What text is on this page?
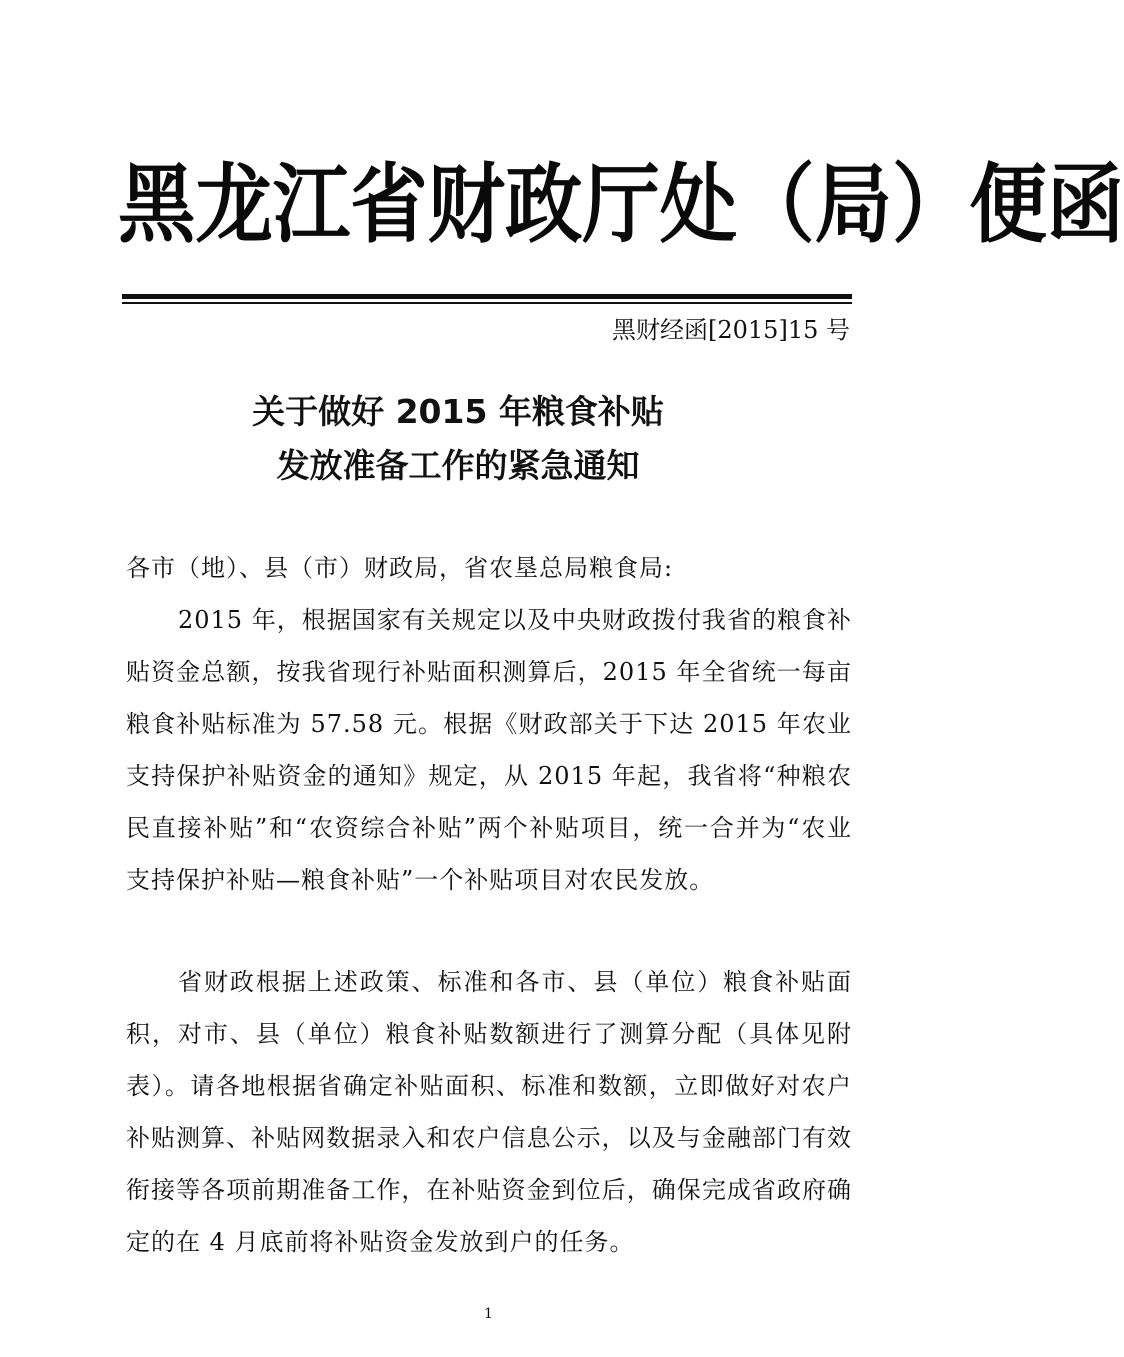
黑龙江省财政厅处（局）便函
黑财经函[2015]15 号
关于做好 2015 年粮食补贴
发放准备工作的紧急通知
各市（地）、县（市）财政局，省农垦总局粮食局:
2015 年，根据国家有关规定以及中央财政拨付我省的粮食补贴资金总额，按我省现行补贴面积测算后，2015 年全省统一每亩粮食补贴标准为 57.58 元。根据《财政部关于下达 2015 年农业支持保护补贴资金的通知》规定，从 2015 年起，我省将“种粮农民直接补贴”和“农资综合补贴”两个补贴项目，统一合并为“农业支持保护补贴—粮食补贴”一个补贴项目对农民发放。
省财政根据上述政策、标准和各市、县（单位）粮食补贴面积，对市、县（单位）粮食补贴数额进行了测算分配（具体见附表）。请各地根据省确定补贴面积、标准和数额，立即做好对农户补贴测算、补贴网数据录入和农户信息公示，以及与金融部门有效衔接等各项前期准备工作，在补贴资金到位后，确保完成省政府确定的在 4 月底前将补贴资金发放到户的任务。
1
